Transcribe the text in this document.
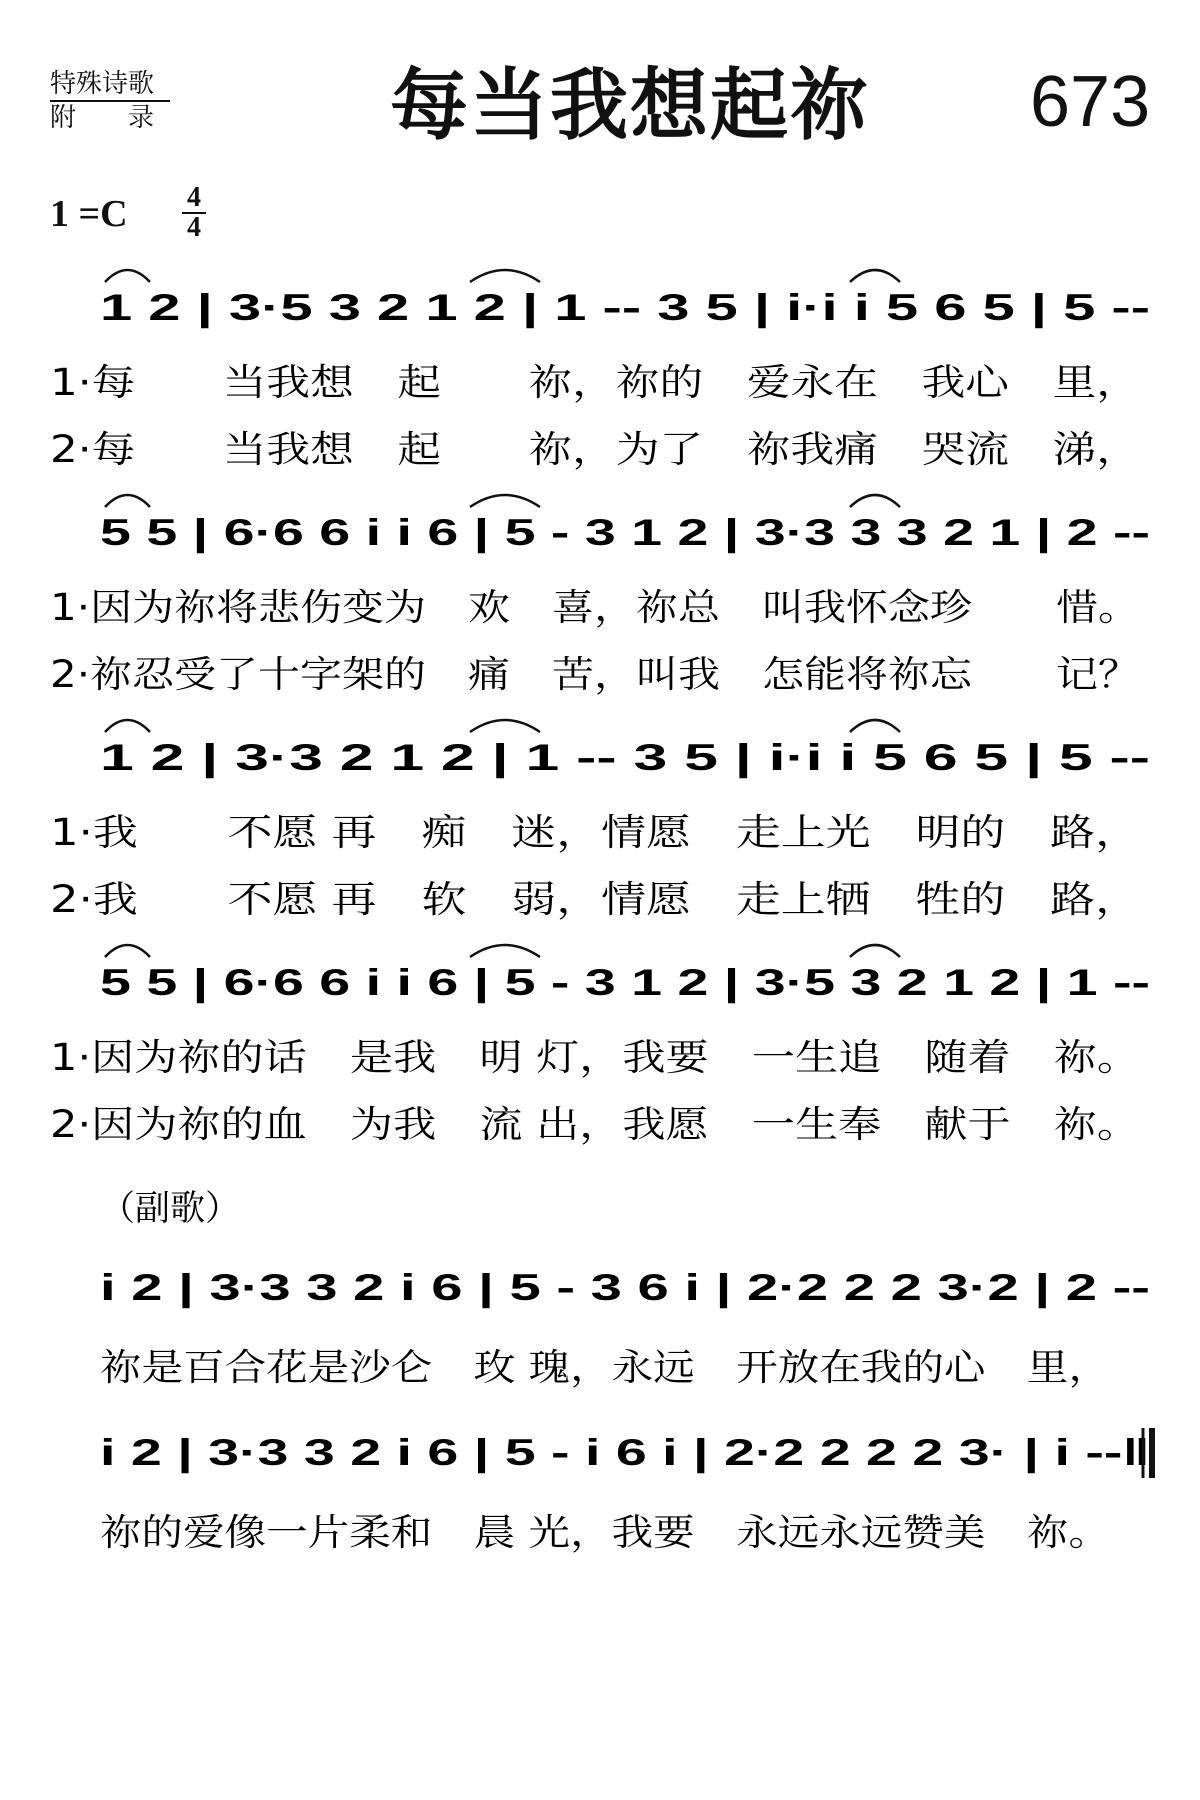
特殊诗歌
附　　录	每当我想起祢 673
1 =C 4
4
1 2 | 3·5 3 2 1 2 | 1 -- 3 5 | i·i i 5 6 5 | 5 --
1·每　　当我想　起　　祢，祢的　爱永在　我心　里，
2·每　　当我想　起　　祢，为了　祢我痛　哭流　涕，
5 5 | 6·6 6 i i 6 | 5 - 3 1 2 | 3·3 3 3 2 1 | 2 --
1·因为祢将悲伤变为　欢　喜，祢总　叫我怀念珍　　惜。
2·祢忍受了十字架的　痛　苦，叫我　怎能将祢忘　　记？
1 2 | 3·3 2 1 2 | 1 -- 3 5 | i·i i 5 6 5 | 5 --
1·我　　不愿 再　痴　迷，情愿　走上光　明的　路，
2·我　　不愿 再　软　弱，情愿　走上牺　牲的　路，
5 5 | 6·6 6 i i 6 | 5 - 3 1 2 | 3·5 3 2 1 2 | 1 --
1·因为祢的话　是我　明 灯，我要　一生追　随着　祢。
2·因为祢的血　为我　流 出，我愿　一生奉　献于　祢。
（副歌）
i 2 | 3·3 3 2 i 6 | 5 - 3 6 i | 2·2 2 2 3·2 | 2 --
祢是百合花是沙仑　玫 瑰，永远　开放在我的心　里，
i 2 | 3·3 3 2 i 6 | 5 - i 6 i | 2·2 2 2 2 3· | i --‖
祢的爱像一片柔和　晨 光，我要　永远永远赞美　祢。
